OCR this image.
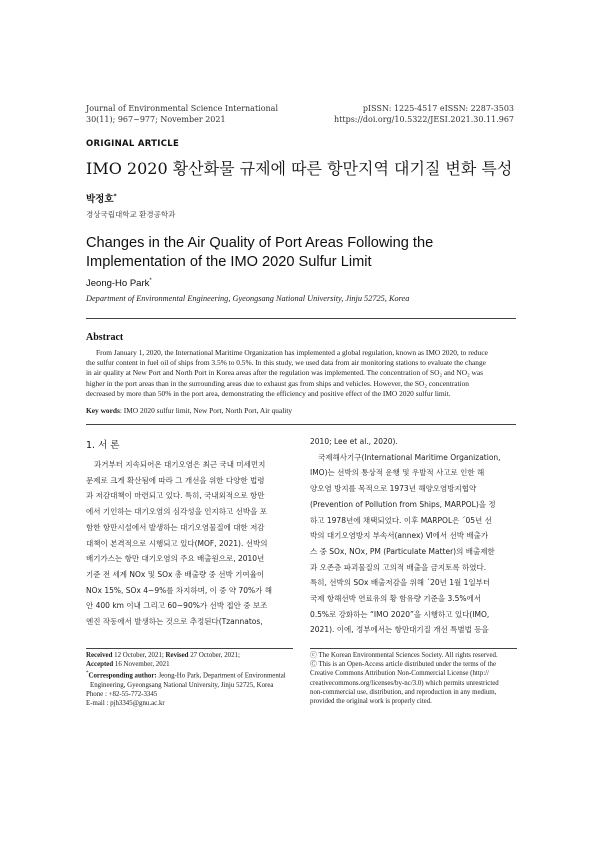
Journal of Environmental Science International
30(11); 967~977; November 2021
pISSN: 1225-4517 eISSN: 2287-3503
https://doi.org/10.5322/JESI.2021.30.11.967
ORIGINAL ARTICLE
IMO 2020 황산화물 규제에 따른 항만지역 대기질 변화 특성
박정호*
경상국립대학교 환경공학과
Changes in the Air Quality of Port Areas Following the
Implementation of the IMO 2020 Sulfur Limit
Jeong-Ho Park*
Department of Environmental Engineering, Gyeongsang National University, Jinju 52725, Korea
Abstract
From January 1, 2020, the International Maritime Organization has implemented a global regulation, known as IMO 2020, to reduce
the sulfur content in fuel oil of ships from 3.5% to 0.5%. In this study, we used data from air monitoring stations to evaluate the change
in air quality at New Port and North Port in Korea areas after the regulation was implemented. The concentration of SO₂ and NO₂ was
higher in the port areas than in the surrounding areas due to exhaust gas from ships and vehicles. However, the SO₂ concentration
decreased by more than 50% in the port area, demonstrating the efficiency and positive effect of the IMO 2020 sulfur limit.
Key words: IMO 2020 sulfur limit, New Port, North Port, Air quality
1. 서 론
과거부터 지속되어온 대기오염은 최근 국내 미세먼지
문제로 크게 확산됨에 따라 그 개선을 위한 다양한 법령
과 저감대책이 마련되고 있다. 특히, 국내외적으로 항만
에서 기인하는 대기오염의 심각성을 인지하고 선박을 포
함한 항만시설에서 발생하는 대기오염물질에 대한 저감
대책이 본격적으로 시행되고 있다(MOF, 2021). 선박의
배기가스는 항만 대기오염의 주요 배출원으로, 2010년
기준 전 세계 NOx 및 SOx 총 배출량 중 선박 기여율이
NOx 15%, SOx 4~9%를 차지하며, 이 중 약 70%가 해
안 400 km 이내 그리고 60~90%가 선박 접안 중 보조
엔진 작동에서 발생하는 것으로 추정된다(Tzannatos,
2010; Lee et al., 2020).
국제해사기구(International Maritime Organization,
IMO)는 선박의 통상적 운행 및 우발적 사고로 인한 해
양오염 방지를 목적으로 1973년 해양오염방지협약
(Prevention of Pollution from Ships, MARPOL)을 정
하고 1978년에 채택되었다. 이후 MARPOL은 ´05년 선
박의 대기오염방지 부속서(annex) Ⅵ에서 선박 배출가
스 중 SOx, NOx, PM (Particulate Matter)의 배출제한
과 오존층 파괴물질의 고의적 배출을 금지토록 하였다.
특히, 선박의 SOx 배출저감을 위해 ´20년 1월 1일부터
국제 항해선박 연료유의 황 함유량 기준을 3.5%에서
0.5%로 강화하는 “IMO 2020”을 시행하고 있다(IMO,
2021). 이에, 정부에서는 항만대기질 개선 특별법 등을
Received 12 October, 2021; Revised 27 October, 2021;
Accepted 16 November, 2021
*Corresponding author: Jeong-Ho Park, Department of Environmental
Engineering, Gyeongsang National University, Jinju 52725, Korea
Phone : +82-55-772-3345
E-mail : pjh3345@gnu.ac.kr
ⓒ The Korean Environmental Sciences Society. All rights reserved.
Ⓒ This is an Open-Access article distributed under the terms of the
Creative Commons Attribution Non-Commercial License (http://
creativecommons.org/licenses/by-nc/3.0) which permits unrestricted
non-commercial use, distribution, and reproduction in any medium,
provided the original work is properly cited.
